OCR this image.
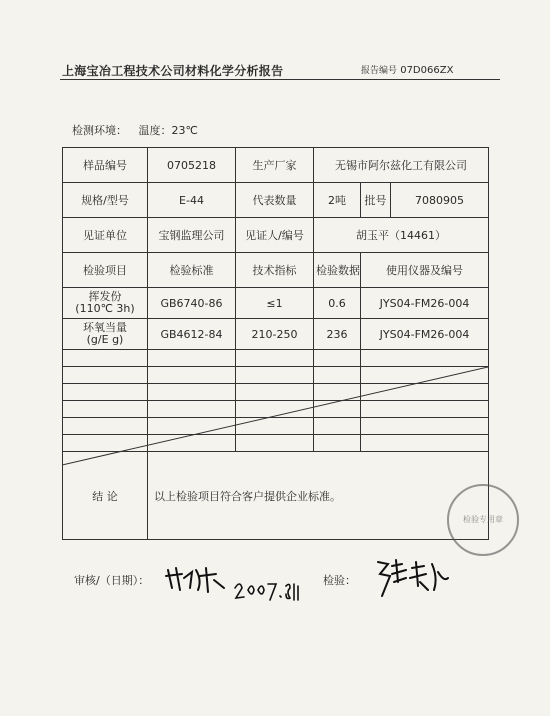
上海宝冶工程技术公司材料化学分析报告	报告编号 07D066ZX
检测环境： 温度：23℃
样品编号	0705218	生产厂家	无锡市阿尔兹化工有限公司		
规格/型号	E-44	代表数量	2吨	批号	7080905
见证单位	宝钢监理公司	见证人/编号	胡玉平（14461）		
检验项目	检验标准	技术指标	检验数据	使用仪器及编号	

挥发份
(110℃ 3h)	GB6740-86	≤1	0.6	JYS04-FM26-004	

环氧当量
(g/E g)	GB4612-84	210-250	236	JYS04-FM26-004	

结 论	以上检验项目符合客户提供企业标准。				
检验专用章
审核/（日期）：	检验：
